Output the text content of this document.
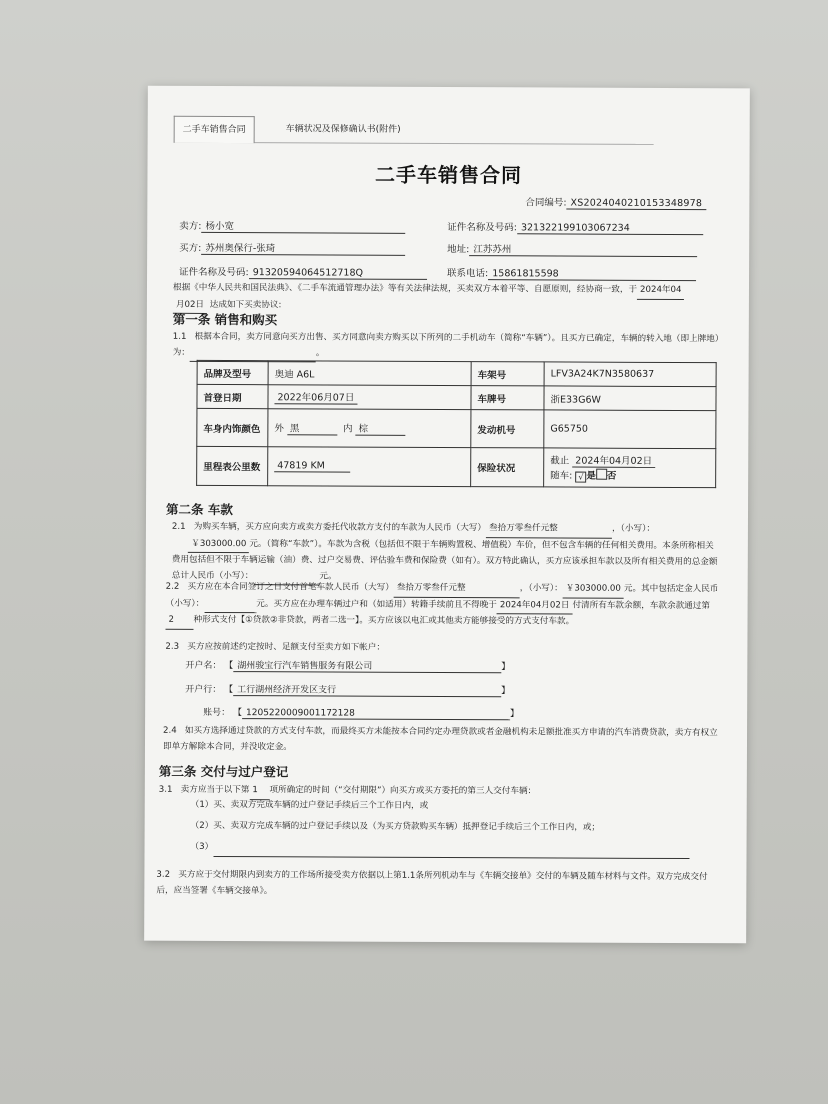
二手车销售合同	车辆状况及保修确认书(附件)
二手车销售合同
合同编号: XS2024040210153348978
卖方: 杨小宽	证件名称及号码: 321322199103067234
买方: 苏州奥保行-张琦	地址: 江苏苏州
证件名称及号码: 91320594064512718Q	联系电话: 15861815598
根据《中华人民共和国民法典》、《二手车流通管理办法》等有关法律法规，买卖双方本着平等、自愿原则，经协商一致，于 2024年04
月02日 达成如下买卖协议:
第一条 销售和购买
1.1 根据本合同，卖方同意向买方出售、买方同意向卖方购买以下所列的二手机动车（简称“车辆”）。且买方已确定，车辆的转入地（即上牌地）为：	。
品牌及型号	奥迪 A6L	车架号	LFV3A24K7N3580637
首登日期	2022年06月07日	车牌号	浙E33G6W
车身内饰颜色	外 黑 内 棕	发动机号	G65750
里程表公里数	47819 KM	保险状况	截止 2024年04月02日
随车: √ 是 否
第二条 车款
2.1 为购买车辆，买方应向卖方或卖方委托代收款方支付的车款为人民币（大写） 叁拾万零叁仟元整	，（小写）：
￥303000.00 元。（简称“车款”）。车款为含税（包括但不限于车辆购置税、增值税）车价，但不包含车辆的任何相关费用。本条所称相关费用包括但不限于车辆运输（油）费、过户交易费、评估验车费和保险费（如有）。双方特此确认，买方应该承担车款以及所有相关费用的总金额总计人民币（小写）：	元。
2.2 买方应在本合同签订之日支付首笔车款人民币（大写） 叁拾万零叁仟元整	，（小写）： ￥303000.00 元。其中包括定金人民币（小写）：	元。买方应在办理车辆过户和（如适用）转籍手续前且不得晚于 2024年04月02日 付清所有车款余额，车款余款通过第2 种形式支付【①贷款②非贷款，两者二选一】。买方应该以电汇或其他卖方能够接受的方式支付车款。
2.3 买方应按前述约定按时、足额支付至卖方如下帐户：
开户名： 【 湖州骏宝行汽车销售服务有限公司	】
开户行： 【 工行湖州经济开发区支行	】
账号： 【 1205220009001172128	】
2.4 如买方选择通过贷款的方式支付车款，而最终买方未能按本合同约定办理贷款或者金融机构未足额批准买方申请的汽车消费贷款，卖方有权立即单方解除本合同，并没收定金。
第三条 交付与过户登记
3.1 卖方应当于以下第 1 项所确定的时间（“交付期限”）向买方或买方委托的第三人交付车辆：
（1）买、卖双方完成车辆的过户登记手续后三个工作日内，或
（2）买、卖双方完成车辆的过户登记手续以及（为买方贷款购买车辆）抵押登记手续后三个工作日内，或；
（3）
3.2 买方应于交付期限内到卖方的工作场所接受卖方依据以上第1.1条所列机动车与《车辆交接单》交付的车辆及随车材料与文件。双方完成交付后，应当签署《车辆交接单》。
